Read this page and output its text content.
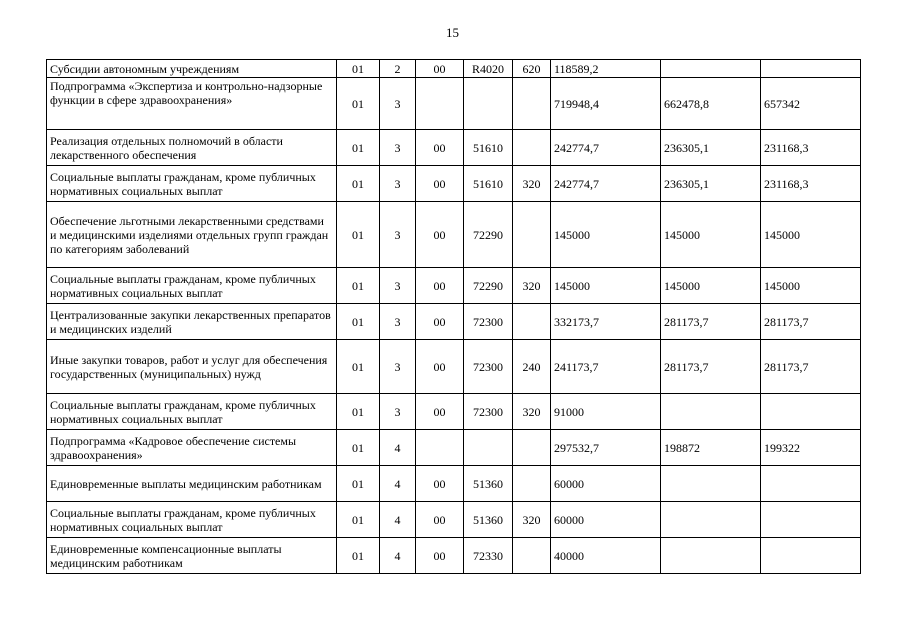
15
Субсидии автономным учреждениям	01	2	00	R4020	620	118589,2		
Подпрограмма «Экспертиза и контрольно-надзорные функции в сфере здравоохранения»	01	3				719948,4	662478,8	657342
Реализация отдельных полномочий в области лекарственного обеспечения	01	3	00	51610		242774,7	236305,1	231168,3
Социальные выплаты гражданам, кроме публичных нормативных социальных выплат	01	3	00	51610	320	242774,7	236305,1	231168,3
Обеспечение льготными лекарственными средствами и медицинскими изделиями отдельных групп граждан по категориям заболеваний	01	3	00	72290		145000	145000	145000
Социальные выплаты гражданам, кроме публичных нормативных социальных выплат	01	3	00	72290	320	145000	145000	145000
Централизованные закупки лекарственных препаратов и медицинских изделий	01	3	00	72300		332173,7	281173,7	281173,7
Иные закупки товаров, работ и услуг для обеспечения государственных (муниципальных) нужд	01	3	00	72300	240	241173,7	281173,7	281173,7
Социальные выплаты гражданам, кроме публичных нормативных социальных выплат	01	3	00	72300	320	91000		
Подпрограмма «Кадровое обеспечение системы здравоохранения»	01	4				297532,7	198872	199322
Единовременные выплаты медицинским работникам	01	4	00	51360		60000		
Социальные выплаты гражданам, кроме публичных нормативных социальных выплат	01	4	00	51360	320	60000		
Единовременные компенсационные выплаты медицинским работникам	01	4	00	72330		40000		
